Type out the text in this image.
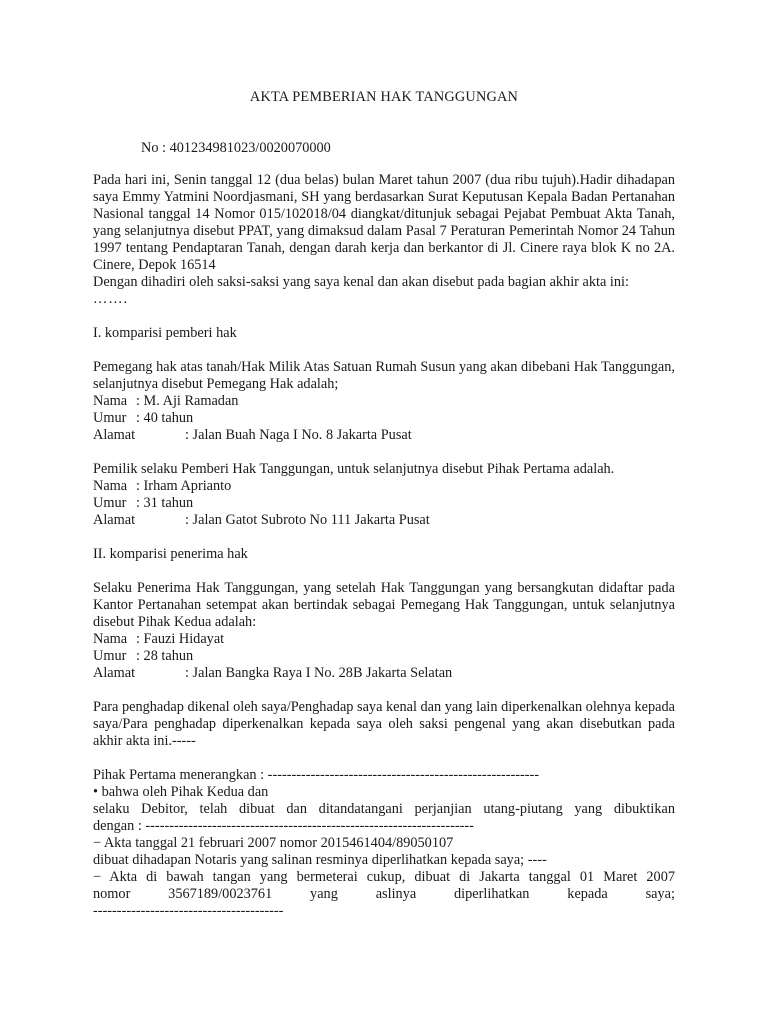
AKTA PEMBERIAN HAK TANGGUNGAN
No : 401234981023/0020070000
Pada hari ini, Senin tanggal 12 (dua belas) bulan Maret tahun 2007 (dua ribu tujuh).Hadir dihadapan saya Emmy Yatmini Noordjasmani, SH yang berdasarkan Surat Keputusan Kepala Badan Pertanahan Nasional tanggal 14 Nomor 015/102018/04 diangkat/ditunjuk sebagai Pejabat Pembuat Akta Tanah, yang selanjutnya disebut PPAT, yang dimaksud dalam Pasal 7 Peraturan Pemerintah Nomor 24 Tahun 1997 tentang Pendaptaran Tanah, dengan darah kerja dan berkantor di Jl. Cinere raya blok K no 2A. Cinere, Depok 16514
Dengan dihadiri oleh saksi-saksi yang saya kenal dan akan disebut pada bagian akhir akta ini:
…….
I. komparisi pemberi hak
Pemegang hak atas tanah/Hak Milik Atas Satuan Rumah Susun yang akan dibebani Hak Tanggungan, selanjutnya disebut Pemegang Hak adalah;
Nama : M. Aji Ramadan
Umur : 40 tahun
Alamat	: Jalan Buah Naga I No. 8 Jakarta Pusat
Pemilik selaku Pemberi Hak Tanggungan, untuk selanjutnya disebut Pihak Pertama adalah.
Nama : Irham Aprianto
Umur : 31 tahun
Alamat	: Jalan Gatot Subroto No 111 Jakarta Pusat
II. komparisi penerima hak
Selaku Penerima Hak Tanggungan, yang setelah Hak Tanggungan yang bersangkutan didaftar pada Kantor Pertanahan setempat akan bertindak sebagai Pemegang Hak Tanggungan, untuk selanjutnya disebut Pihak Kedua adalah:
Nama : Fauzi Hidayat
Umur : 28 tahun
Alamat	: Jalan Bangka Raya I No. 28B Jakarta Selatan
Para penghadap dikenal oleh saya/Penghadap saya kenal dan yang lain diperkenalkan olehnya kepada saya/Para penghadap diperkenalkan kepada saya oleh saksi pengenal yang akan disebutkan pada akhir akta ini.-----
Pihak Pertama menerangkan : ---------------------------------------------------------
• bahwa oleh Pihak Kedua dan
selaku Debitor, telah dibuat dan ditandatangani perjanjian utang-piutang yang dibuktikan
dengan : ---------------------------------------------------------------------
− Akta tanggal 21 februari 2007 nomor 2015461404/89050107
dibuat dihadapan Notaris yang salinan resminya diperlihatkan kepada saya; ----
− Akta di bawah tangan yang bermeterai cukup, dibuat di Jakarta tanggal 01 Maret 2007
nomor 3567189/0023761 yang aslinya diperlihatkan kepada saya;
----------------------------------------
